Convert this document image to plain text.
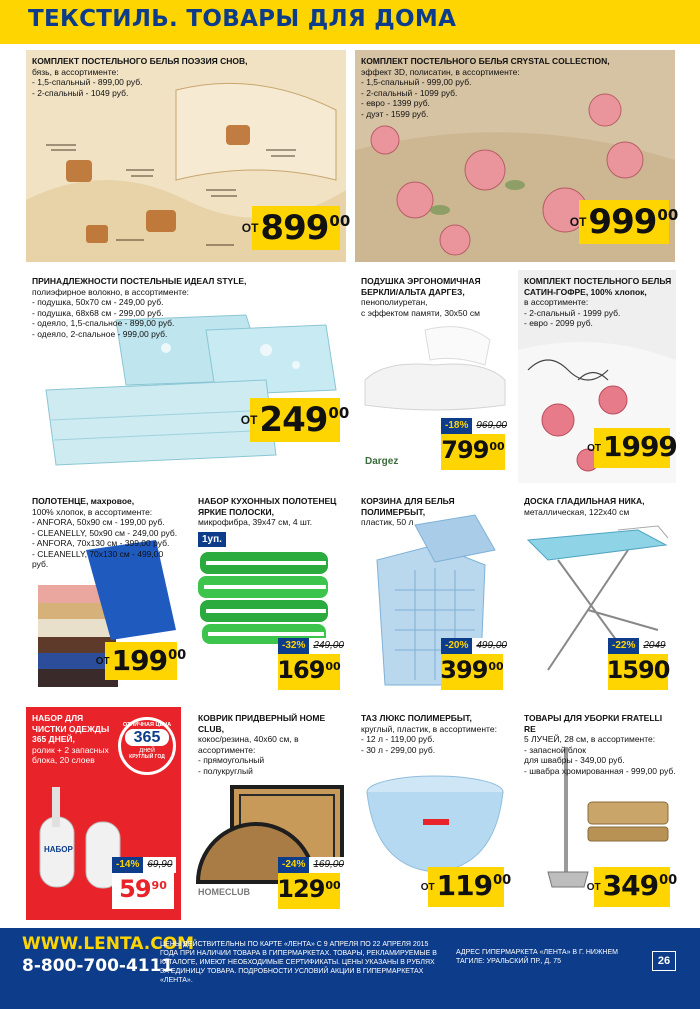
ТЕКСТИЛЬ. ТОВАРЫ ДЛЯ ДОМА
КОМПЛЕКТ ПОСТЕЛЬНОГО БЕЛЬЯ ПОЭЗИЯ СНОВ,
бязь, в ассортименте:
- 1,5-спальный - 899,00 руб.
- 2-спальный - 1049 руб.
ОТ 899 00
КОМПЛЕКТ ПОСТЕЛЬНОГО БЕЛЬЯ CRYSTAL COLLECTION,
эффект 3D, полисатин, в ассортименте:
- 1,5-спальный - 999,00 руб.
- 2-спальный - 1099 руб.
- евро - 1399 руб.
- дуэт - 1599 руб.
ОТ 999 00
ПРИНАДЛЕЖНОСТИ ПОСТЕЛЬНЫЕ ИДЕАЛ STYLE,
полиэфирное волокно, в ассортименте:
- подушка, 50х70 см - 249,00 руб.
- подушка, 68х68 см - 299,00 руб.
- одеяло, 1,5-спальное - 899,00 руб.
- одеяло, 2-спальное - 999,00 руб.
ОТ 249 00
ПОДУШКА ЭРГОНОМИЧНАЯ БЕРКЛИ/АЛЬТА ДАРГЕЗ,
пенополиуретан,
с эффектом памяти, 30х50 см
Dargez
-18% 969,00
799 00
КОМПЛЕКТ ПОСТЕЛЬНОГО БЕЛЬЯ САТИН-ГОФРЕ, 100% хлопок,
в ассортименте:
- 2-спальный - 1999 руб.
- евро - 2099 руб.
ОТ 1999
ПОЛОТЕНЦЕ, махровое,
100% хлопок, в ассортименте:
- ANFORA, 50х90 см - 199,00 руб.
- CLEANELLY, 50х90 см - 249,00 руб.
- ANFORA, 70х130 см - 399,00 руб.
- CLEANELLY, 70х130 см - 499,00 руб.
ОТ 199 00
НАБОР КУХОННЫХ ПОЛОТЕНЕЦ ЯРКИЕ ПОЛОСКИ,
микрофибра, 39х47 см, 4 шт.
1уп.
-32% 249,00
169 00
КОРЗИНА ДЛЯ БЕЛЬЯ ПОЛИМЕРБЫТ,
пластик, 50 л
-20% 499,00
399 00
ДОСКА ГЛАДИЛЬНАЯ НИКА,
металлическая, 122х40 см
-22% 2049
1590
НАБОР ДЛЯ ЧИСТКИ ОДЕЖДЫ 365 ДНЕЙ,
ролик + 2 запасных блока, 20 слоев
ОТЛИЧНАЯ ЦЕНА
365
дней
КРУГЛЫЙ ГОД
НАБОР
-14% 69,90
59 90
КОВРИК ПРИДВЕРНЫЙ HOME CLUB,
кокос/резина, 40х60 см, в ассортименте:
- прямоугольный
- полукруглый
HOMECLUB
-24% 169,00
129 00
ТАЗ ЛЮКС ПОЛИМЕРБЫТ,
круглый, пластик, в ассортименте:
- 12 л - 119,00 руб.
- 30 л - 299,00 руб.
ОТ 119 00
ТОВАРЫ ДЛЯ УБОРКИ FRATELLI RE
5 ЛУЧЕЙ, 28 см, в ассортименте:
- запасной блок
для швабры - 349,00 руб.
- швабра хромированная - 999,00 руб.
ОТ 349 00
WWW.LENTA.COM
8-800-700-4111
ЦЕНЫ ДЕЙСТВИТЕЛЬНЫ ПО КАРТЕ «ЛЕНТА» С 9 АПРЕЛЯ ПО 22 АПРЕЛЯ 2015 ГОДА ПРИ НАЛИЧИИ ТОВАРА В ГИПЕРМАРКЕТАХ. ТОВАРЫ, РЕКЛАМИРУЕМЫЕ В КАТАЛОГЕ, ИМЕЮТ НЕОБХОДИМЫЕ СЕРТИФИКАТЫ. ЦЕНЫ УКАЗАНЫ В РУБЛЯХ ЗА ЕДИНИЦУ ТОВАРА. ПОДРОБНОСТИ УСЛОВИЙ АКЦИИ В ГИПЕРМАРКЕТАХ «ЛЕНТА».
АДРЕС ГИПЕРМАРКЕТА «ЛЕНТА» В Г. НИЖНЕМ ТАГИЛЕ: УРАЛЬСКИЙ ПР., Д. 75	26
